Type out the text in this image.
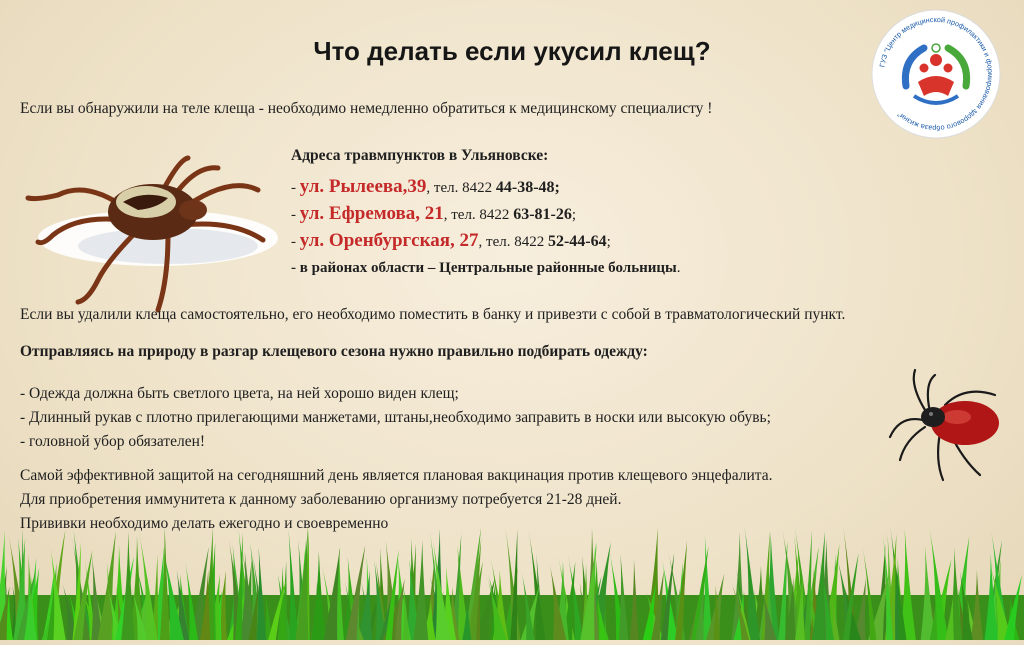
Что делать если укусил клещ?	ГУЗ "Центр медицинской профилактики и формирования здорового образа жизни"
Если вы обнаружили на теле клеща - необходимо немедленно обратиться к медицинскому специалисту !
Адреса травмпунктов в Ульяновске:
- ул. Рылеева,39, тел. 8422 44-38-48;
- ул. Ефремова, 21, тел. 8422 63-81-26;
- ул. Оренбургская, 27, тел. 8422 52-44-64;
- в районах области – Центральные районные больницы.
Если вы удалили клеща самостоятельно, его необходимо поместить в банку и привезти с собой в травматологический пункт.
Отправляясь на природу в разгар клещевого сезона нужно правильно подбирать одежду:
- Одежда должна быть светлого цвета, на ней хорошо виден клещ;
- Длинный рукав с плотно прилегающими манжетами, штаны,необходимо заправить в носки или высокую обувь;
- головной убор обязателен!
Самой эффективной защитой на сегодняшний день является плановая вакцинация против клещевого энцефалита.
Для приобретения иммунитета к данному заболеванию организму потребуется 21-28 дней.
Прививки необходимо делать ежегодно и своевременно
